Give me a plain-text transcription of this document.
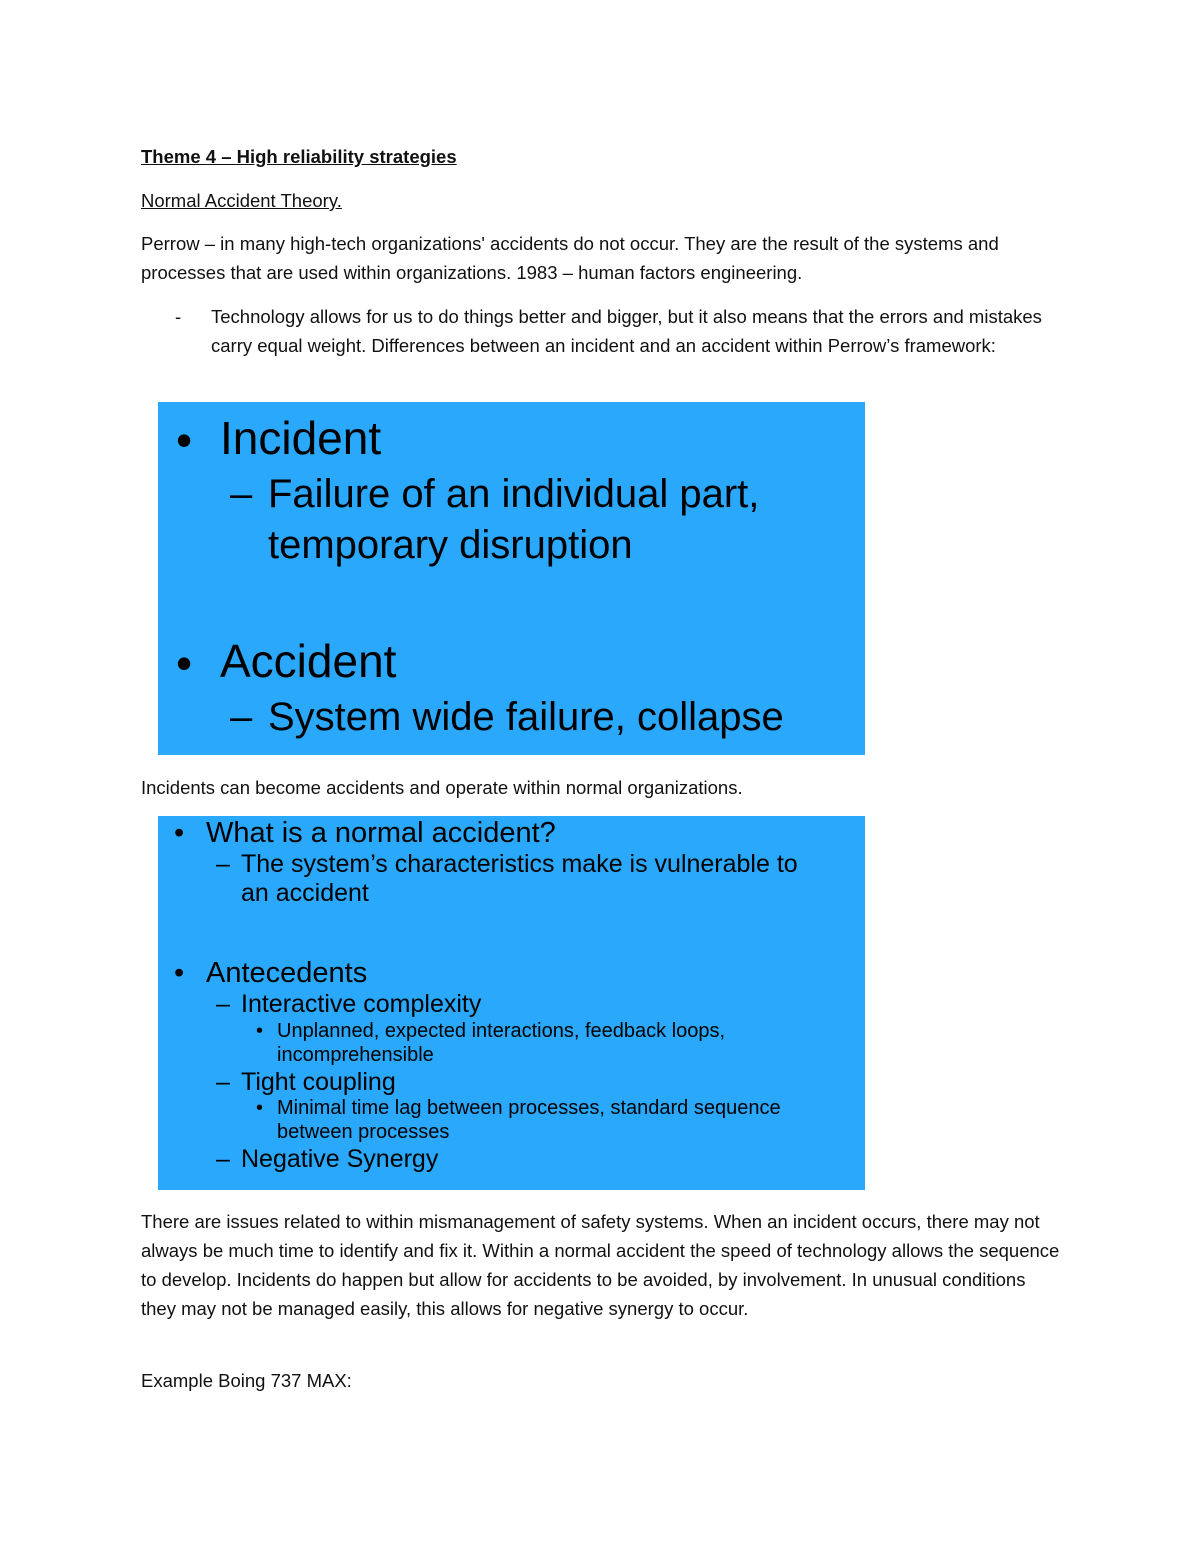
Theme 4 – High reliability strategies
Normal Accident Theory.
Perrow – in many high-tech organizations' accidents do not occur. They are the result of the systems and processes that are used within organizations. 1983 – human factors engineering.
- Technology allows for us to do things better and bigger, but it also means that the errors and mistakes carry equal weight. Differences between an incident and an accident within Perrow’s framework:
• Incident
– Failure of an individual part,
temporary disruption
• Accident
– System wide failure, collapse
Incidents can become accidents and operate within normal organizations.
• What is a normal accident?
– The system’s characteristics make is vulnerable to
an accident
• Antecedents
– Interactive complexity
• Unplanned, expected interactions, feedback loops,
incomprehensible
– Tight coupling
• Minimal time lag between processes, standard sequence
between processes
– Negative Synergy
There are issues related to within mismanagement of safety systems. When an incident occurs, there may not always be much time to identify and fix it. Within a normal accident the speed of technology allows the sequence to develop. Incidents do happen but allow for accidents to be avoided, by involvement. In unusual conditions they may not be managed easily, this allows for negative synergy to occur.
Example Boing 737 MAX:
